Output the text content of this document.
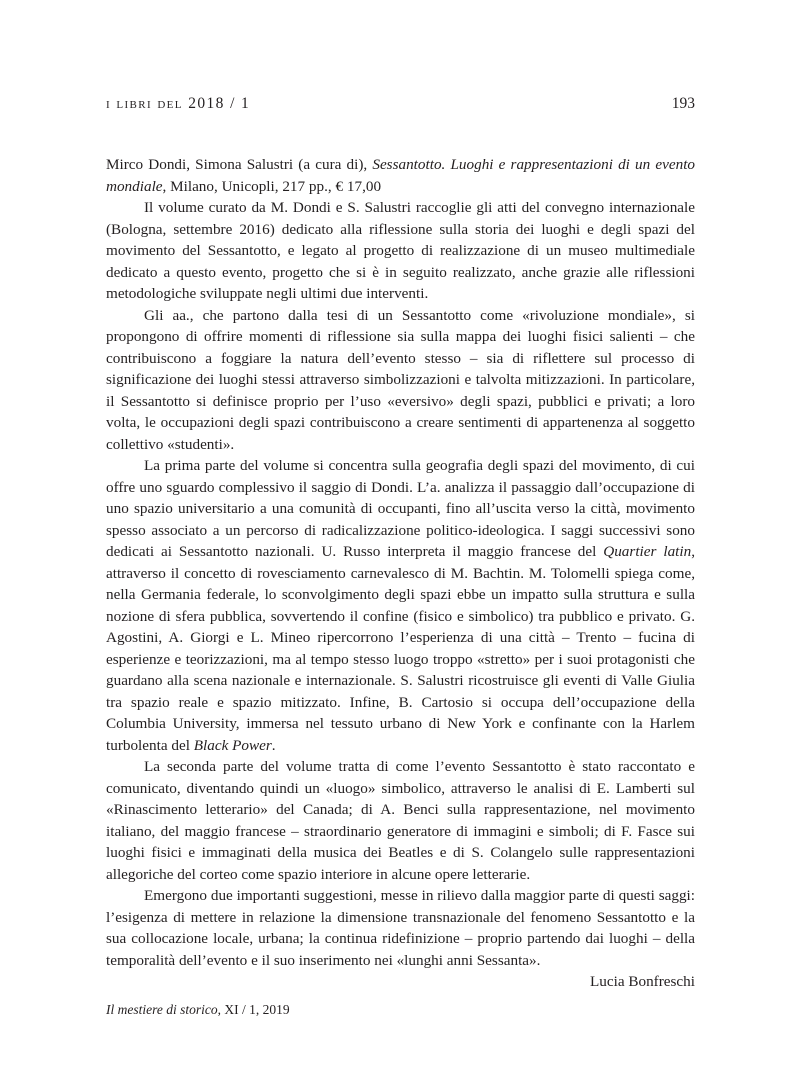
i libri del 2018 / 1	193

Mirco Dondi, Simona Salustri (a cura di), Sessantotto. Luoghi e rappresentazioni di un evento mondiale, Milano, Unicopli, 217 pp., € 17,00

Il volume curato da M. Dondi e S. Salustri raccoglie gli atti del convegno internazionale (Bologna, settembre 2016) dedicato alla riflessione sulla storia dei luoghi e degli spazi del movimento del Sessantotto, e legato al progetto di realizzazione di un museo multimediale dedicato a questo evento, progetto che si è in seguito realizzato, anche grazie alle riflessioni metodologiche sviluppate negli ultimi due interventi.

Gli aa., che partono dalla tesi di un Sessantotto come «rivoluzione mondiale», si propongono di offrire momenti di riflessione sia sulla mappa dei luoghi fisici salienti – che contribuiscono a foggiare la natura dell’evento stesso – sia di riflettere sul processo di significazione dei luoghi stessi attraverso simbolizzazioni e talvolta mitizzazioni. In particolare, il Sessantotto si definisce proprio per l’uso «eversivo» degli spazi, pubblici e privati; a loro volta, le occupazioni degli spazi contribuiscono a creare sentimenti di appartenenza al soggetto collettivo «studenti».

La prima parte del volume si concentra sulla geografia degli spazi del movimento, di cui offre uno sguardo complessivo il saggio di Dondi. L’a. analizza il passaggio dall’occupazione di uno spazio universitario a una comunità di occupanti, fino all’uscita verso la città, movimento spesso associato a un percorso di radicalizzazione politico-ideologica. I saggi successivi sono dedicati ai Sessantotto nazionali. U. Russo interpreta il maggio francese del Quartier latin, attraverso il concetto di rovesciamento carnevalesco di M. Bachtin. M. Tolomelli spiega come, nella Germania federale, lo sconvolgimento degli spazi ebbe un impatto sulla struttura e sulla nozione di sfera pubblica, sovvertendo il confine (fisico e simbolico) tra pubblico e privato. G. Agostini, A. Giorgi e L. Mineo ripercorrono l’esperienza di una città – Trento – fucina di esperienze e teorizzazioni, ma al tempo stesso luogo troppo «stretto» per i suoi protagonisti che guardano alla scena nazionale e internazionale. S. Salustri ricostruisce gli eventi di Valle Giulia tra spazio reale e spazio mitizzato. Infine, B. Cartosio si occupa dell’occupazione della Columbia University, immersa nel tessuto urbano di New York e confinante con la Harlem turbolenta del Black Power.

La seconda parte del volume tratta di come l’evento Sessantotto è stato raccontato e comunicato, diventando quindi un «luogo» simbolico, attraverso le analisi di E. Lamberti sul «Rinascimento letterario» del Canada; di A. Benci sulla rappresentazione, nel movimento italiano, del maggio francese – straordinario generatore di immagini e simboli; di F. Fasce sui luoghi fisici e immaginati della musica dei Beatles e di S. Colangelo sulle rappresentazioni allegoriche del corteo come spazio interiore in alcune opere letterarie.

Emergono due importanti suggestioni, messe in rilievo dalla maggior parte di questi saggi: l’esigenza di mettere in relazione la dimensione transnazionale del fenomeno Sessantotto e la sua collocazione locale, urbana; la continua ridefinizione – proprio partendo dai luoghi – della temporalità dell’evento e il suo inserimento nei «lunghi anni Sessanta».

Lucia Bonfreschi

Il mestiere di storico, XI / 1, 2019
